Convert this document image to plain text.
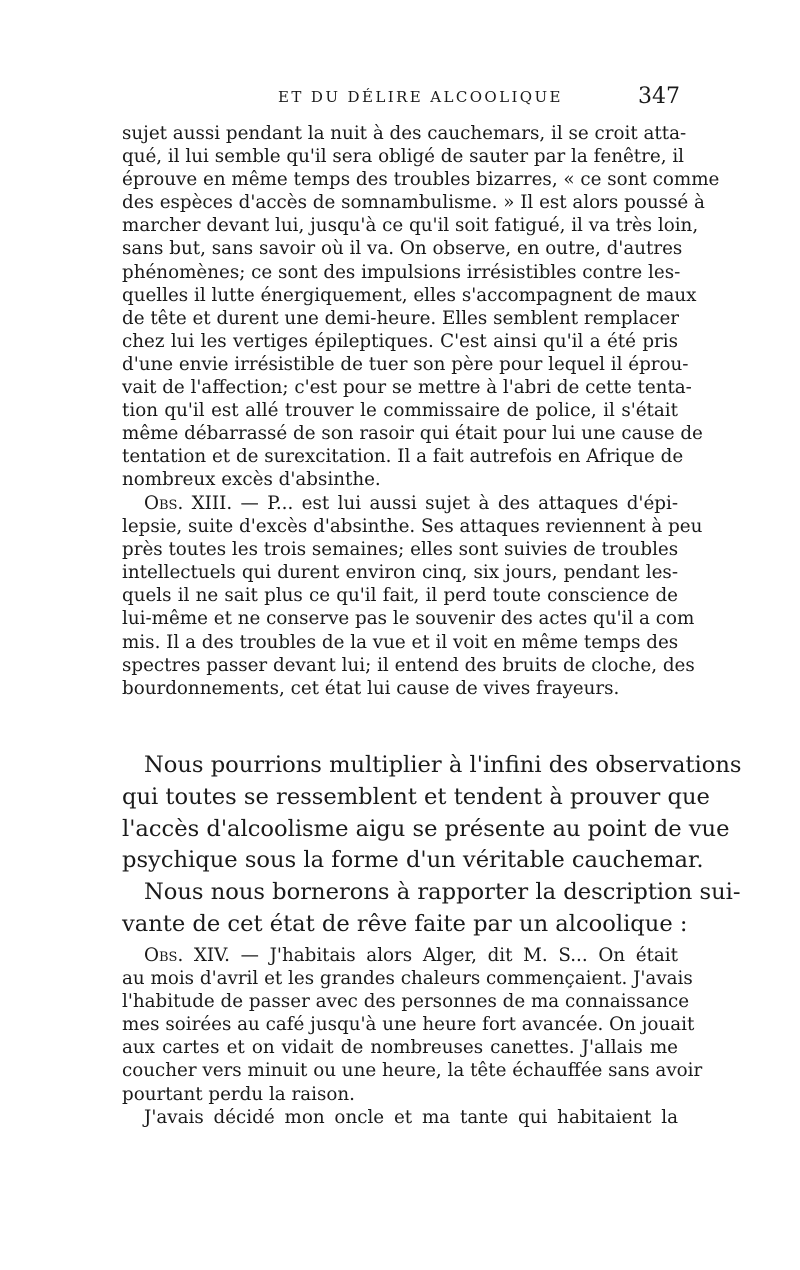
ET DU DÉLIRE ALCOOLIQUE	347
sujet aussi pendant la nuit à des cauchemars, il se croit atta-
qué, il lui semble qu'il sera obligé de sauter par la fenêtre, il
éprouve en même temps des troubles bizarres, « ce sont comme
des espèces d'accès de somnambulisme. » Il est alors poussé à
marcher devant lui, jusqu'à ce qu'il soit fatigué, il va très loin,
sans but, sans savoir où il va. On observe, en outre, d'autres
phénomènes; ce sont des impulsions irrésistibles contre les-
quelles il lutte énergiquement, elles s'accompagnent de maux
de tête et durent une demi-heure. Elles semblent remplacer
chez lui les vertiges épileptiques. C'est ainsi qu'il a été pris
d'une envie irrésistible de tuer son père pour lequel il éprou-
vait de l'affection; c'est pour se mettre à l'abri de cette tenta-
tion qu'il est allé trouver le commissaire de police, il s'était
même débarrassé de son rasoir qui était pour lui une cause de
tentation et de surexcitation. Il a fait autrefois en Afrique de
nombreux excès d'absinthe.
Obs. XIII. — P... est lui aussi sujet à des attaques d'épi-
lepsie, suite d'excès d'absinthe. Ses attaques reviennent à peu
près toutes les trois semaines; elles sont suivies de troubles
intellectuels qui durent environ cinq, six jours, pendant les-
quels il ne sait plus ce qu'il fait, il perd toute conscience de
lui-même et ne conserve pas le souvenir des actes qu'il a com
mis. Il a des troubles de la vue et il voit en même temps des
spectres passer devant lui; il entend des bruits de cloche, des
bourdonnements, cet état lui cause de vives frayeurs.
Nous pourrions multiplier à l'infini des observations
qui toutes se ressemblent et tendent à prouver que
l'accès d'alcoolisme aigu se présente au point de vue
psychique sous la forme d'un véritable cauchemar.
Nous nous bornerons à rapporter la description sui-
vante de cet état de rêve faite par un alcoolique :
Obs. XIV. — J'habitais alors Alger, dit M. S... On était
au mois d'avril et les grandes chaleurs commençaient. J'avais
l'habitude de passer avec des personnes de ma connaissance
mes soirées au café jusqu'à une heure fort avancée. On jouait
aux cartes et on vidait de nombreuses canettes. J'allais me
coucher vers minuit ou une heure, la tête échauffée sans avoir
pourtant perdu la raison.
J'avais décidé mon oncle et ma tante qui habitaient la
